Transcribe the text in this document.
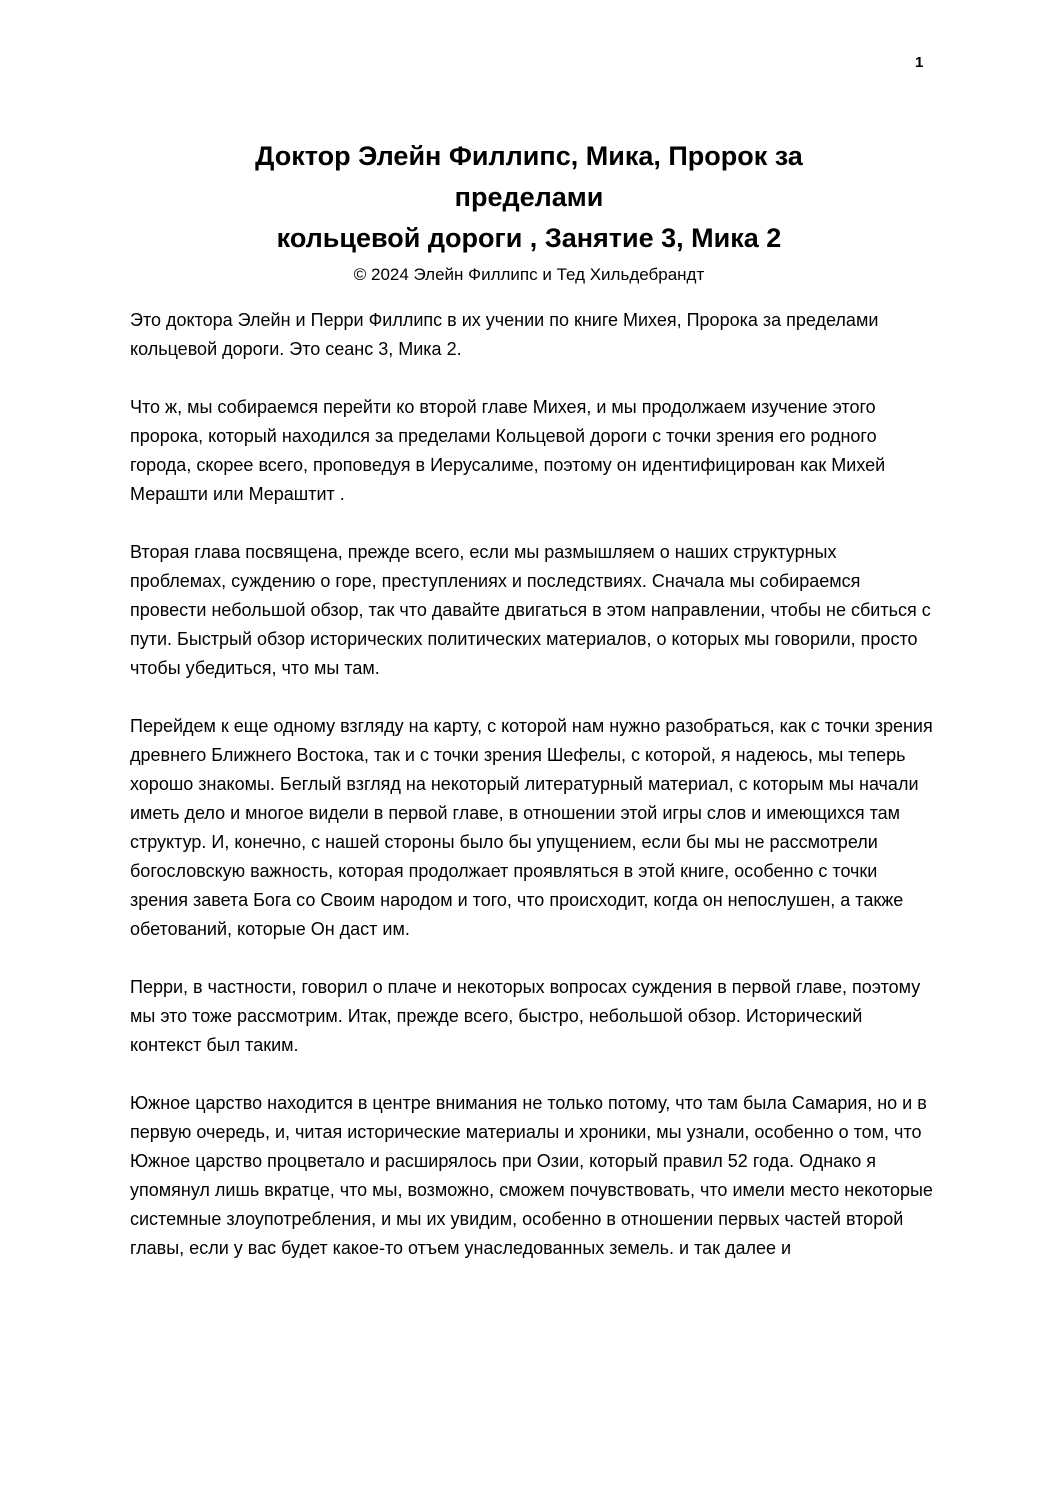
1
Доктор Элейн Филлипс, Мика, Пророк за
пределами
кольцевой дороги , Занятие 3, Мика 2
© 2024 Элейн Филлипс и Тед Хильдебрандт

Это доктора Элейн и Перри Филлипс в их учении по книге Михея, Пророка за пределами кольцевой дороги. Это сеанс 3, Мика 2.

Что ж, мы собираемся перейти ко второй главе Михея, и мы продолжаем изучение этого пророка, который находился за пределами Кольцевой дороги с точки зрения его родного города, скорее всего, проповедуя в Иерусалиме, поэтому он идентифицирован как Михей Мерашти или Мераштит .

Вторая глава посвящена, прежде всего, если мы размышляем о наших структурных проблемах, суждению о горе, преступлениях и последствиях. Сначала мы собираемся провести небольшой обзор, так что давайте двигаться в этом направлении, чтобы не сбиться с пути. Быстрый обзор исторических политических материалов, о которых мы говорили, просто чтобы убедиться, что мы там.

Перейдем к еще одному взгляду на карту, с которой нам нужно разобраться, как с точки зрения древнего Ближнего Востока, так и с точки зрения Шефелы, с которой, я надеюсь, мы теперь хорошо знакомы. Беглый взгляд на некоторый литературный материал, с которым мы начали иметь дело и многое видели в первой главе, в отношении этой игры слов и имеющихся там структур. И, конечно, с нашей стороны было бы упущением, если бы мы не рассмотрели богословскую важность, которая продолжает проявляться в этой книге, особенно с точки зрения завета Бога со Своим народом и того, что происходит, когда он непослушен, а также обетований, которые Он даст им.

Перри, в частности, говорил о плаче и некоторых вопросах суждения в первой главе, поэтому мы это тоже рассмотрим. Итак, прежде всего, быстро, небольшой обзор. Исторический контекст был таким.

Южное царство находится в центре внимания не только потому, что там была Самария, но и в первую очередь, и, читая исторические материалы и хроники, мы узнали, особенно о том, что Южное царство процветало и расширялось при Озии, который правил 52 года. Однако я упомянул лишь вкратце, что мы, возможно, сможем почувствовать, что имели место некоторые системные злоупотребления, и мы их увидим, особенно в отношении первых частей второй главы, если у вас будет какое-то отъем унаследованных земель. и так далее и
